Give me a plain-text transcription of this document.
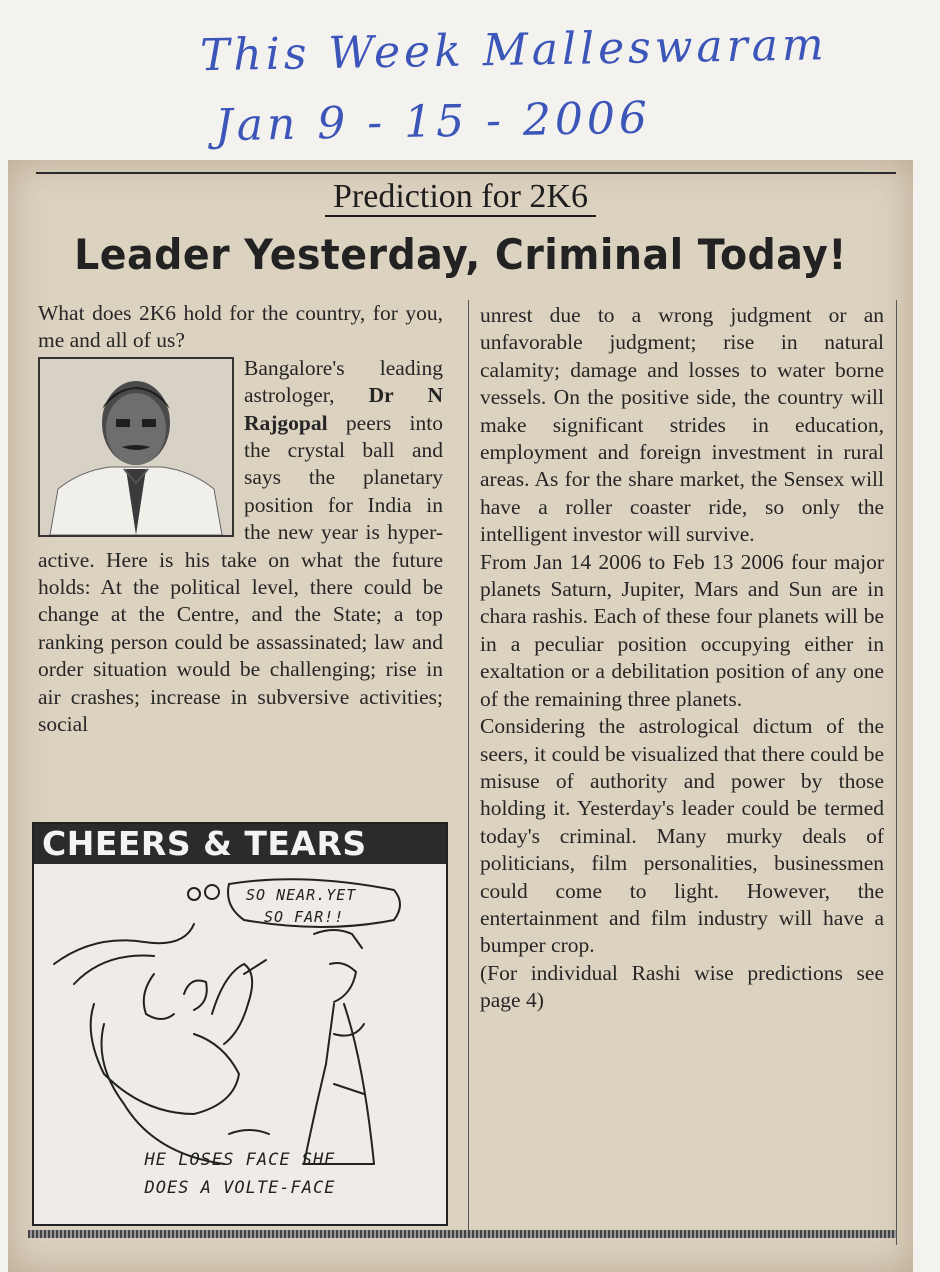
This Week Malleswaram
Jan 9 - 15 - 2006
Prediction for 2K6
Leader Yesterday, Criminal Today!

What does 2K6 hold for the country, for you, me and all of us?

Bangalore's leading astrologer, Dr N Rajgopal peers into the crystal ball and says the planetary position for India in the new year is hyper-active. Here is his take on what the future holds: At the political level, there could be change at the Centre, and the State; a top ranking person could be assassinated; law and order situation would be challenging; rise in air crashes; increase in subversive activities; social

unrest due to a wrong judgment or an unfavorable judgment; rise in natural calamity; damage and losses to water borne vessels. On the positive side, the country will make significant strides in education, employment and foreign investment in rural areas. As for the share market, the Sensex will have a roller coaster ride, so only the intelligent investor will survive.

From Jan 14 2006 to Feb 13 2006 four major planets Saturn, Jupiter, Mars and Sun are in chara rashis. Each of these four planets will be in a peculiar position occupying either in exaltation or a debilitation position of any one of the remaining three planets.

Considering the astrological dictum of the seers, it could be visualized that there could be misuse of authority and power by those holding it. Yesterday's leader could be termed today's criminal. Many murky deals of politicians, film personalities, businessmen could come to light. However, the entertainment and film industry will have a bumper crop.

(For individual Rashi wise predictions see page 4)

CHEERS & TEARS
SO NEAR.YET
SO FAR!!
HE LOSES FACE SHE
DOES A VOLTE-FACE
